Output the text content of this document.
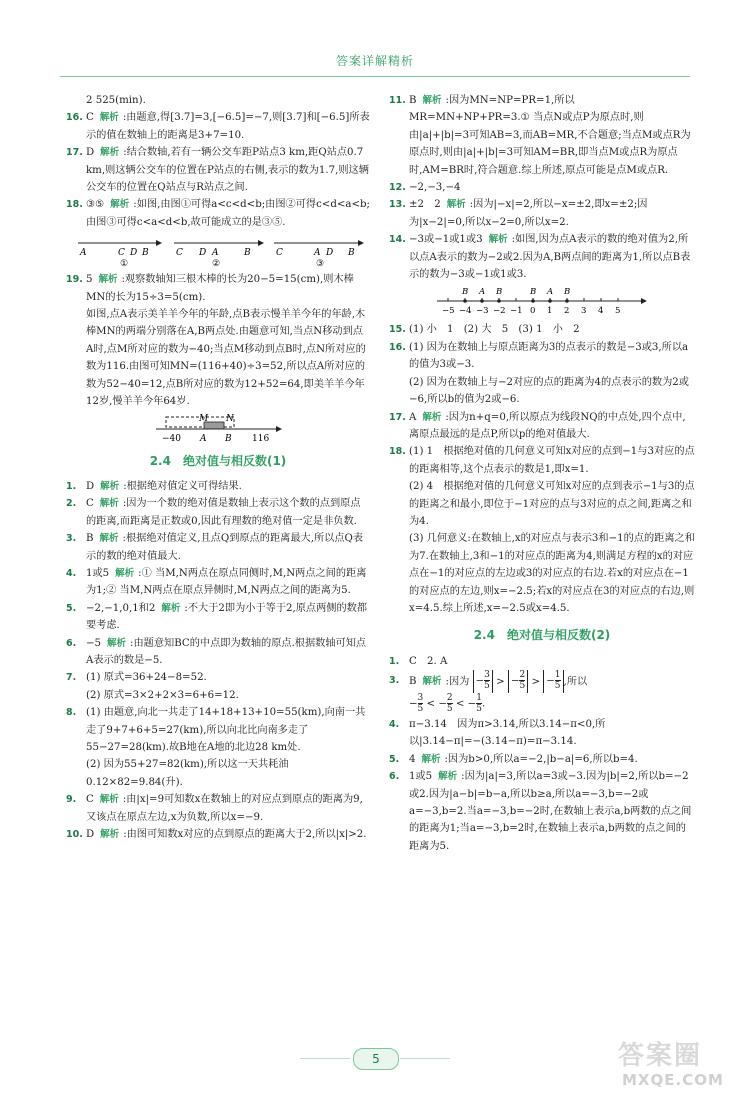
答案详解精析
2 525(min).
16. C 解析 :由题意,得[3.7]=3,[−6.5]=−7,则[3.7]和[−6.5]所表示的值在数轴上的距离是3+7=10.
17. D 解析 :结合数轴,若有一辆公交车距P站点3 km,距Q站点0.7 km,则这辆公交车的位置在P站点的右侧,表示的数为1.7,则这辆公交车的位置在Q站点与R站点之间.
18. ③⑤ 解析 :如图,由图①可得a<c<d<b;由图②可得c<d<a<b;由图③可得c<a<d<b,故可能成立的是③⑤.
A	C D B
①
C D A	B
②
C	A D B
③
19. 5 解析 :观察数轴知三根木棒的长为20−5=15(cm),则木棒MN的长为15÷3=5(cm).
如图,点A表示美羊羊今年的年龄,点B表示慢羊羊今年的年龄,木棒MN的两端分别落在A,B两点处.由题意可知,当点N移动到点A时,点M所对应的数为−40;当点M移动到点B时,点N所对应的数为116.由图可知MN=(116+40)÷3=52,所以点A所对应的数为52−40=12,点B所对应的数为12+52=64,即美羊羊今年12岁,慢羊羊今年64岁.
M N
−40 A B 116
2.4　绝对值与相反数(1)
1. D 解析 :根据绝对值定义可得结果.
2. C 解析 :因为一个数的绝对值是数轴上表示这个数的点到原点的距离,而距离是正数或0,因此有理数的绝对值一定是非负数.
3. B 解析 :根据绝对值定义,且点Q到原点的距离最大,所以点Q表示的数的绝对值最大.
4. 1或5 解析 :① 当M,N两点在原点同侧时,M,N两点之间的距离为1;② 当M,N两点在原点异侧时,M,N两点之间的距离为5.
5. −2,−1,0,1和2 解析 :不大于2即为小于等于2,原点两侧的数都要考虑.
6. −5 解析 :由题意知BC的中点即为数轴的原点.根据数轴可知点A表示的数是−5.
7. (1) 原式=36+24−8=52.
(2) 原式=3×2+2×3=6+6=12.
8. (1) 由题意,向北一共走了14+18+13+10=55(km),向南一共走了9+7+6+5=27(km),所以向北比向南多走了55−27=28(km).故B地在A地的北边28 km处.
(2) 因为55+27=82(km),所以这一天共耗油0.12×82=9.84(升).
9. C 解析 :由|x|=9可知数x在数轴上的对应点到原点的距离为9,又该点在原点左边,x为负数,所以x=−9.
10. D 解析 :由图可知数x对应的点到原点的距离大于2,所以|x|>2.
11. B 解析 :因为MN=NP=PR=1,所以MR=MN+NP+PR=3.① 当点N或点P为原点时,则由|a|+|b|=3可知AB=3,而AB=MR,不合题意;当点M或点R为原点时,则由|a|+|b|=3可知AM=BR,即当点M或点R为原点时,AM=BR时,符合题意.综上所述,原点可能是点M或点R.
12. −2,−3,−4
13. ±2　2 解析 :因为|−x|=2,所以−x=±2,即x=±2;因为|x−2|=0,所以x−2=0,所以x=2.
14. −3或−1或1或3 解析 :如图,因为点A表示的数的绝对值为2,所以点A表示的数为−2或2.因为A,B两点间的距离为1,所以点B表示的数为−3或−1或1或3.
B A B	B A B
−5 −4 −3 −2 −1 0 1 2 3 4 5
15. (1) 小　1　(2) 大　5　(3) 1　小　2
16. (1) 因为在数轴上与原点距离为3的点表示的数是−3或3,所以a的值为3或−3.
(2) 因为在数轴上与−2对应的点的距离为4的点表示的数为2或−6,所以b的值为2或−6.
17. A 解析 :因为n+q=0,所以原点为线段NQ的中点处,四个点中,离原点最远的是点P,所以p的绝对值最大.
18. (1) 1　根据绝对值的几何意义可知x对应的点到−1与3对应的点的距离相等,这个点表示的数是1,即x=1.
(2) 4　根据绝对值的几何意义可知x对应的点到表示−1与3的点的距离之和最小,即位于−1对应的点与3对应的点之间,距离之和为4.
(3) 几何意义:在数轴上,x的对应点与表示3和−1的点的距离之和为7.在数轴上,3和−1的对应点的距离为4,则满足方程的x的对应点在−1的对应点的左边或3的对应点的右边.若x的对应点在−1的对应点的左边,则x=−2.5;若x的对应点在3的对应点的右边,则x=4.5.综上所述,x=−2.5或x=4.5.
2.4　绝对值与相反数(2)
1. C　2. A
3. B 解析 :因为 − $\frac{3}{5}$ > − $\frac{2}{5}$ > − $\frac{1}{5}$ ,所以
− $\frac{3}{5}$ < − $\frac{2}{5}$ < − $\frac{1}{5}$ .
4. π−3.14　因为π>3.14,所以3.14−π<0,所以|3.14−π|=−(3.14−π)=π−3.14.
5. 4 解析 :因为b>0,所以a=−2,|b−a|=6,所以b=4.
6. 1或5 解析 :因为|a|=3,所以a=3或−3.因为|b|=2,所以b=−2或2.因为|a−b|=b−a,所以b≥a,所以a=−3,b=−2或a=−3,b=2.当a=−3,b=−2时,在数轴上表示a,b两数的点之间的距离为1;当a=−3,b=2时,在数轴上表示a,b两数的点之间的距离为5.
5	答案圈
MXQE.COM
